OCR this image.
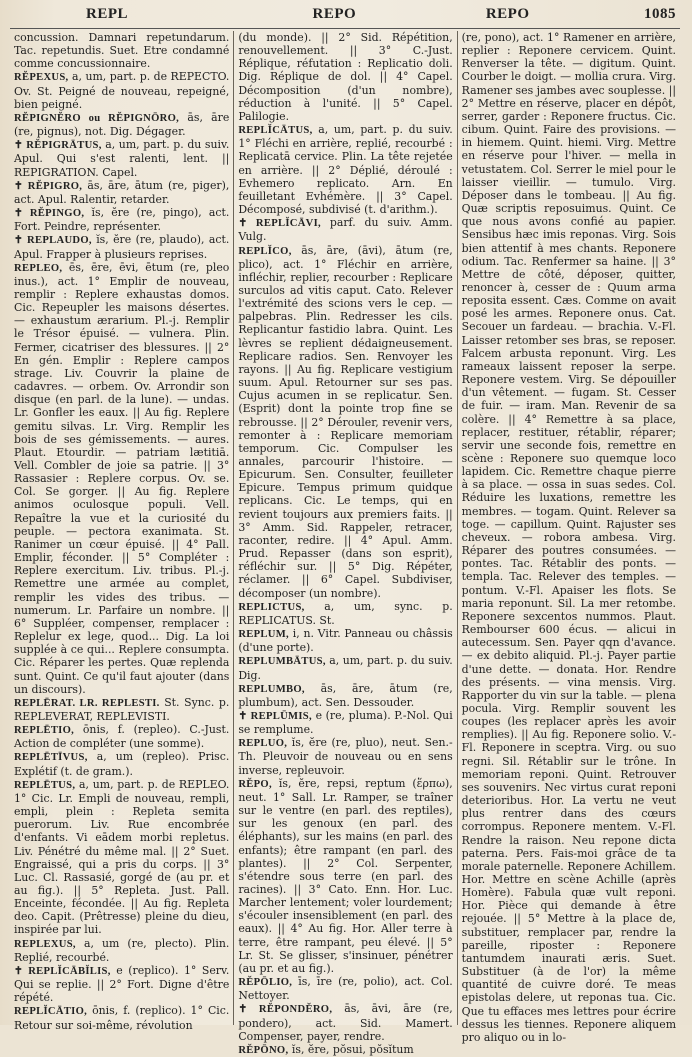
REPL	REPO	REPO	1085

concussion. Damnari repetundarum. Tac. repetundis. Suet. Etre condamné comme concussionnaire.

RĔPEXUS, a, um, part. p. de REPECTO. Ov. St. Peigné de nouveau, repeigné, bien peigné.

RĔPIGNĔRO ou RĔPIGNŌRO, ās, āre (re, pignus), not. Dig. Dégager.

✝ RĔPIGRĀTUS, a, um, part. p. du suiv. Apul. Qui s'est ralenti, lent. || REPIGRATION. Capel.

✝ RĔPIGRO, ās, āre, ātum (re, piger), act. Apul. Ralentir, retarder.

✝ RĔPINGO, ĭs, ĕre (re, pingo), act. Fort. Peindre, représenter.

✝ REPLAUDO, ĭs, ĕre (re, plaudo), act. Apul. Frapper à plusieurs reprises.

REPLEO, ēs, ēre, ēvi, ētum (re, pleo inus.), act. 1° Emplir de nouveau, remplir : Replere exhaustas domos. Cic. Repeupler les maisons désertes. — exhaustum ærarium. Pl.-j. Remplir le Trésor épuisé. — vulnera. Plin. Fermer, cicatriser des blessures. || 2° En gén. Emplir : Replere campos strage. Liv. Couvrir la plaine de cadavres. — orbem. Ov. Arrondir son disque (en parl. de la lune). — undas. Lr. Gonfler les eaux. || Au fig. Replere gemitu silvas. Lr. Virg. Remplir les bois de ses gémissements. — aures. Plaut. Etourdir. — patriam lætitiā. Vell. Combler de joie sa patrie. || 3° Rassasier : Replere corpus. Ov. se. Col. Se gorger. || Au fig. Replere animos oculosque populi. Vell. Repaître la vue et la curiosité du peuple. — pectora exanimata. St. Ranimer un cœur épuisé. || 4° Pall. Emplir, féconder. || 5° Compléter : Replere exercitum. Liv. tribus. Pl.-j. Remettre une armée au complet, remplir les vides des tribus. — numerum. Lr. Parfaire un nombre. || 6° Suppléer, compenser, remplacer : Replelur ex lege, quod... Dig. La loi supplée à ce qui... Replere consumpta. Cic. Réparer les pertes. Quæ replenda sunt. Quint. Ce qu'il faut ajouter (dans un discours).

REPLĒRAT. LR. REPLESTI. St. Sync. p. REPLEVERAT, REPLEVISTI.

REPLĒTIO, ōnis, f. (repleo). C.-Just. Action de compléter (une somme).

REPLĒTĪVUS, a, um (repleo). Prisc. Explétif (t. de gram.).

REPLĒTUS, a, um, part. p. de REPLEO. 1° Cic. Lr. Empli de nouveau, rempli, empli, plein : Repleta semita puerorum. Liv. Rue encombrée d'enfants. Vi eādem morbi repletus. Liv. Pénétré du même mal. || 2° Suet. Engraissé, qui a pris du corps. || 3° Luc. Cl. Rassasié, gorgé de (au pr. et au fig.). || 5° Repleta. Just. Pall. Enceinte, fécondée. || Au fig. Repleta deo. Capit. (Prêtresse) pleine du dieu, inspirée par lui.

REPLEXUS, a, um (re, plecto). Plin. Replié, recourbé.

✝ REPLĬCĀBĬLIS, e (replico). 1° Serv. Qui se replie. || 2° Fort. Digne d'être répété.

REPLĬCĀTIO, ōnis, f. (replico). 1° Cic. Retour sur soi-même, révolution

(du monde). || 2° Sid. Répétition, renouvellement. || 3° C.-Just. Réplique, réfutation : Replicatio doli. Dig. Réplique de dol. || 4° Capel. Décomposition (d'un nombre), réduction à l'unité. || 5° Capel. Palilogie.

REPLĬCĀTUS, a, um, part. p. du suiv. 1° Fléchi en arrière, replié, recourbé : Replicatā cervice. Plin. La tête rejetée en arrière. || 2° Déplié, déroulé : Evhemero replicato. Arn. En feuilletant Evhémère. || 3° Capel. Décomposé, subdivisé (t. d'arithm.).

✝ REPLĬCĀVI, parf. du suiv. Amm. Vulg.

REPLĬCO, ās, āre, (āvi), ātum (re, plico), act. 1° Fléchir en arrière, infléchir, replier, recourber : Replicare surculos ad vitis caput. Cato. Relever l'extrémité des scions vers le cep. — palpebras. Plin. Redresser les cils. Replicantur fastidio labra. Quint. Les lèvres se replient dédaigneusement. Replicare radios. Sen. Renvoyer les rayons. || Au fig. Replicare vestigium suum. Apul. Retourner sur ses pas. Cujus acumen in se replicatur. Sen. (Esprit) dont la pointe trop fine se rebrousse. || 2° Dérouler, revenir vers, remonter à : Replicare memoriam temporum. Cic. Compulser les annales, parcourir l'histoire. — Epicurum. Sen. Consulter, feuilleter Epicure. Tempus primum quidque replicans. Cic. Le temps, qui en revient toujours aux premiers faits. || 3° Amm. Sid. Rappeler, retracer, raconter, redire. || 4° Apul. Amm. Prud. Repasser (dans son esprit), réfléchir sur. || 5° Dig. Répéter, réclamer. || 6° Capel. Subdiviser, décomposer (un nombre).

REPLICTUS, a, um, sync. p. REPLICATUS. St.

REPLUM, i, n. Vitr. Panneau ou châssis (d'une porte).

REPLUMBĀTUS, a, um, part. p. du suiv. Dig.

REPLUMBO, ās, āre, ātum (re, plumbum), act. Sen. Dessouder.

✝ REPLŪMIS, e (re, pluma). P.-Nol. Qui se remplume.

REPLUO, ĭs, ĕre (re, pluo), neut. Sen.-Th. Pleuvoir de nouveau ou en sens inverse, repleuvoir.

RĔPO, ĭs, ĕre, repsi, reptum (ἕρπω), neut. 1° Sall. Lr. Ramper, se traîner sur le ventre (en parl. des reptiles), sur les genoux (en parl. des éléphants), sur les mains (en parl. des enfants); être rampant (en parl. des plantes). || 2° Col. Serpenter, s'étendre sous terre (en parl. des racines). || 3° Cato. Enn. Hor. Luc. Marcher lentement; voler lourdement; s'écouler insensiblement (en parl. des eaux). || 4° Au fig. Hor. Aller terre à terre, être rampant, peu élevé. || 5° Lr. St. Se glisser, s'insinuer, pénétrer (au pr. et au fig.).

RĔPŌLIO, īs, īre (re, polio), act. Col. Nettoyer.

✝ RĔPONDĔRO, ās, āvi, āre (re, pondero), act. Sid. Mamert. Compenser, payer, rendre.

RĔPŌNO, ĭs, ĕre, pŏsui, pŏsĭtum

(re, pono), act. 1° Ramener en arrière, replier : Reponere cervicem. Quint. Renverser la tête. — digitum. Quint. Courber le doigt. — mollia crura. Virg. Ramener ses jambes avec souplesse. || 2° Mettre en réserve, placer en dépôt, serrer, garder : Reponere fructus. Cic. cibum. Quint. Faire des provisions. — in hiemem. Quint. hiemi. Virg. Mettre en réserve pour l'hiver. — mella in vetustatem. Col. Serrer le miel pour le laisser vieillir. — tumulo. Virg. Déposer dans le tombeau. || Au fig. Quæ scriptis reposuimus. Quint. Ce que nous avons confié au papier. Sensibus hæc imis reponas. Virg. Sois bien attentif à mes chants. Reponere odium. Tac. Renfermer sa haine. || 3° Mettre de côté, déposer, quitter, renoncer à, cesser de : Quum arma reposita essent. Cæs. Comme on avait posé les armes. Reponere onus. Cat. Secouer un fardeau. — brachia. V.-Fl. Laisser retomber ses bras, se reposer. Falcem arbusta reponunt. Virg. Les rameaux laissent reposer la serpe. Reponere vestem. Virg. Se dépouiller d'un vêtement. — fugam. St. Cesser de fuir. — iram. Man. Revenir de sa colère. || 4° Remettre à sa place, replacer, restituer, rétablir, réparer; servir une seconde fois, remettre en scène : Reponere suo quemque loco lapidem. Cic. Remettre chaque pierre à sa place. — ossa in suas sedes. Col. Réduire les luxations, remettre les membres. — togam. Quint. Relever sa toge. — capillum. Quint. Rajuster ses cheveux. — robora ambesa. Virg. Réparer des poutres consumées. — pontes. Tac. Rétablir des ponts. — templa. Tac. Relever des temples. — pontum. V.-Fl. Apaiser les flots. Se maria reponunt. Sil. La mer retombe. Reponere sexcentos nummos. Plaut. Rembourser 600 écus. — alicui in autecessum. Sen. Payer qqn d'avance. — ex debito aliquid. Pl.-j. Payer partie d'une dette. — donata. Hor. Rendre des présents. — vina mensis. Virg. Rapporter du vin sur la table. — plena pocula. Virg. Remplir souvent les coupes (les replacer après les avoir remplies). || Au fig. Reponere solio. V.-Fl. Reponere in sceptra. Virg. ou suo regni. Sil. Rétablir sur le trône. In memoriam reponi. Quint. Retrouver ses souvenirs. Nec virtus curat reponi deterioribus. Hor. La vertu ne veut plus rentrer dans des cœurs corrompus. Reponere mentem. V.-Fl. Rendre la raison. Neu repone dicta paterna. Pers. Fais-moi grâce de ta morale paternelle. Reponere Achillem. Hor. Mettre en scène Achille (après Homère). Fabula quæ vult reponi. Hor. Pièce qui demande à être rejouée. || 5° Mettre à la place de, substituer, remplacer par, rendre la pareille, riposter : Reponere tantumdem inaurati æris. Suet. Substituer (à de l'or) la même quantité de cuivre doré. Te meas epistolas delere, ut reponas tua. Cic. Que tu effaces mes lettres pour écrire dessus les tiennes. Reponere aliquem pro aliquo ou in lo-
